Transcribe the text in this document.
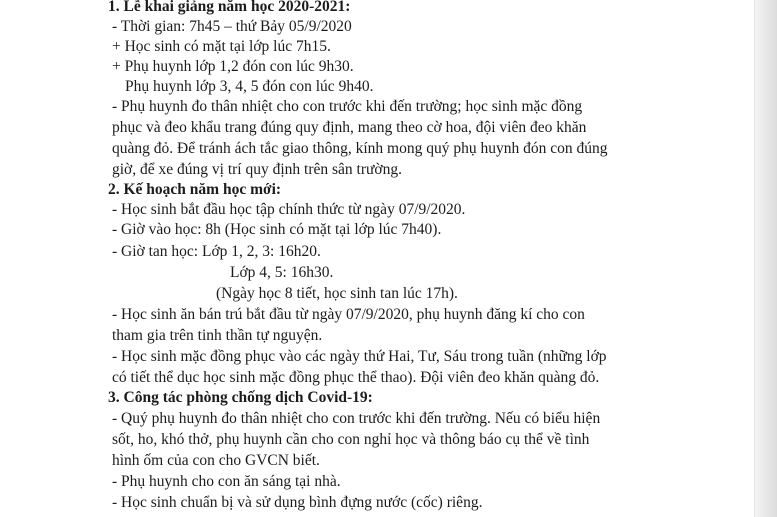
1. Lễ khai giảng năm học 2020-2021:
- Thời gian: 7h45 – thứ Bảy 05/9/2020
+ Học sinh có mặt tại lớp lúc 7h15.
+ Phụ huynh lớp 1,2 đón con lúc 9h30.
Phụ huynh lớp 3, 4, 5 đón con lúc 9h40.
- Phụ huynh đo thân nhiệt cho con trước khi đến trường; học sinh mặc đồng
phục và đeo khẩu trang đúng quy định, mang theo cờ hoa, đội viên đeo khăn
quàng đỏ. Để tránh ách tắc giao thông, kính mong quý phụ huynh đón con đúng
giờ, để xe đúng vị trí quy định trên sân trường.
2. Kế hoạch năm học mới:
- Học sinh bắt đầu học tập chính thức từ ngày 07/9/2020.
- Giờ vào học: 8h (Học sinh có mặt tại lớp lúc 7h40).
- Giờ tan học: Lớp 1, 2, 3: 16h20.
Lớp 4, 5: 16h30.
(Ngày học 8 tiết, học sinh tan lúc 17h).
- Học sinh ăn bán trú bắt đầu từ ngày 07/9/2020, phụ huynh đăng kí cho con
tham gia trên tinh thần tự nguyện.
- Học sinh mặc đồng phục vào các ngày thứ Hai, Tư, Sáu trong tuần (những lớp
có tiết thể dục học sinh mặc đồng phục thể thao). Đội viên đeo khăn quàng đỏ.
3. Công tác phòng chống dịch Covid-19:
- Quý phụ huynh đo thân nhiệt cho con trước khi đến trường. Nếu có biểu hiện
sốt, ho, khó thở, phụ huynh cần cho con nghỉ học và thông báo cụ thể về tình
hình ốm của con cho GVCN biết.
- Phụ huynh cho con ăn sáng tại nhà.
- Học sinh chuẩn bị và sử dụng bình đựng nước (cốc) riêng.
